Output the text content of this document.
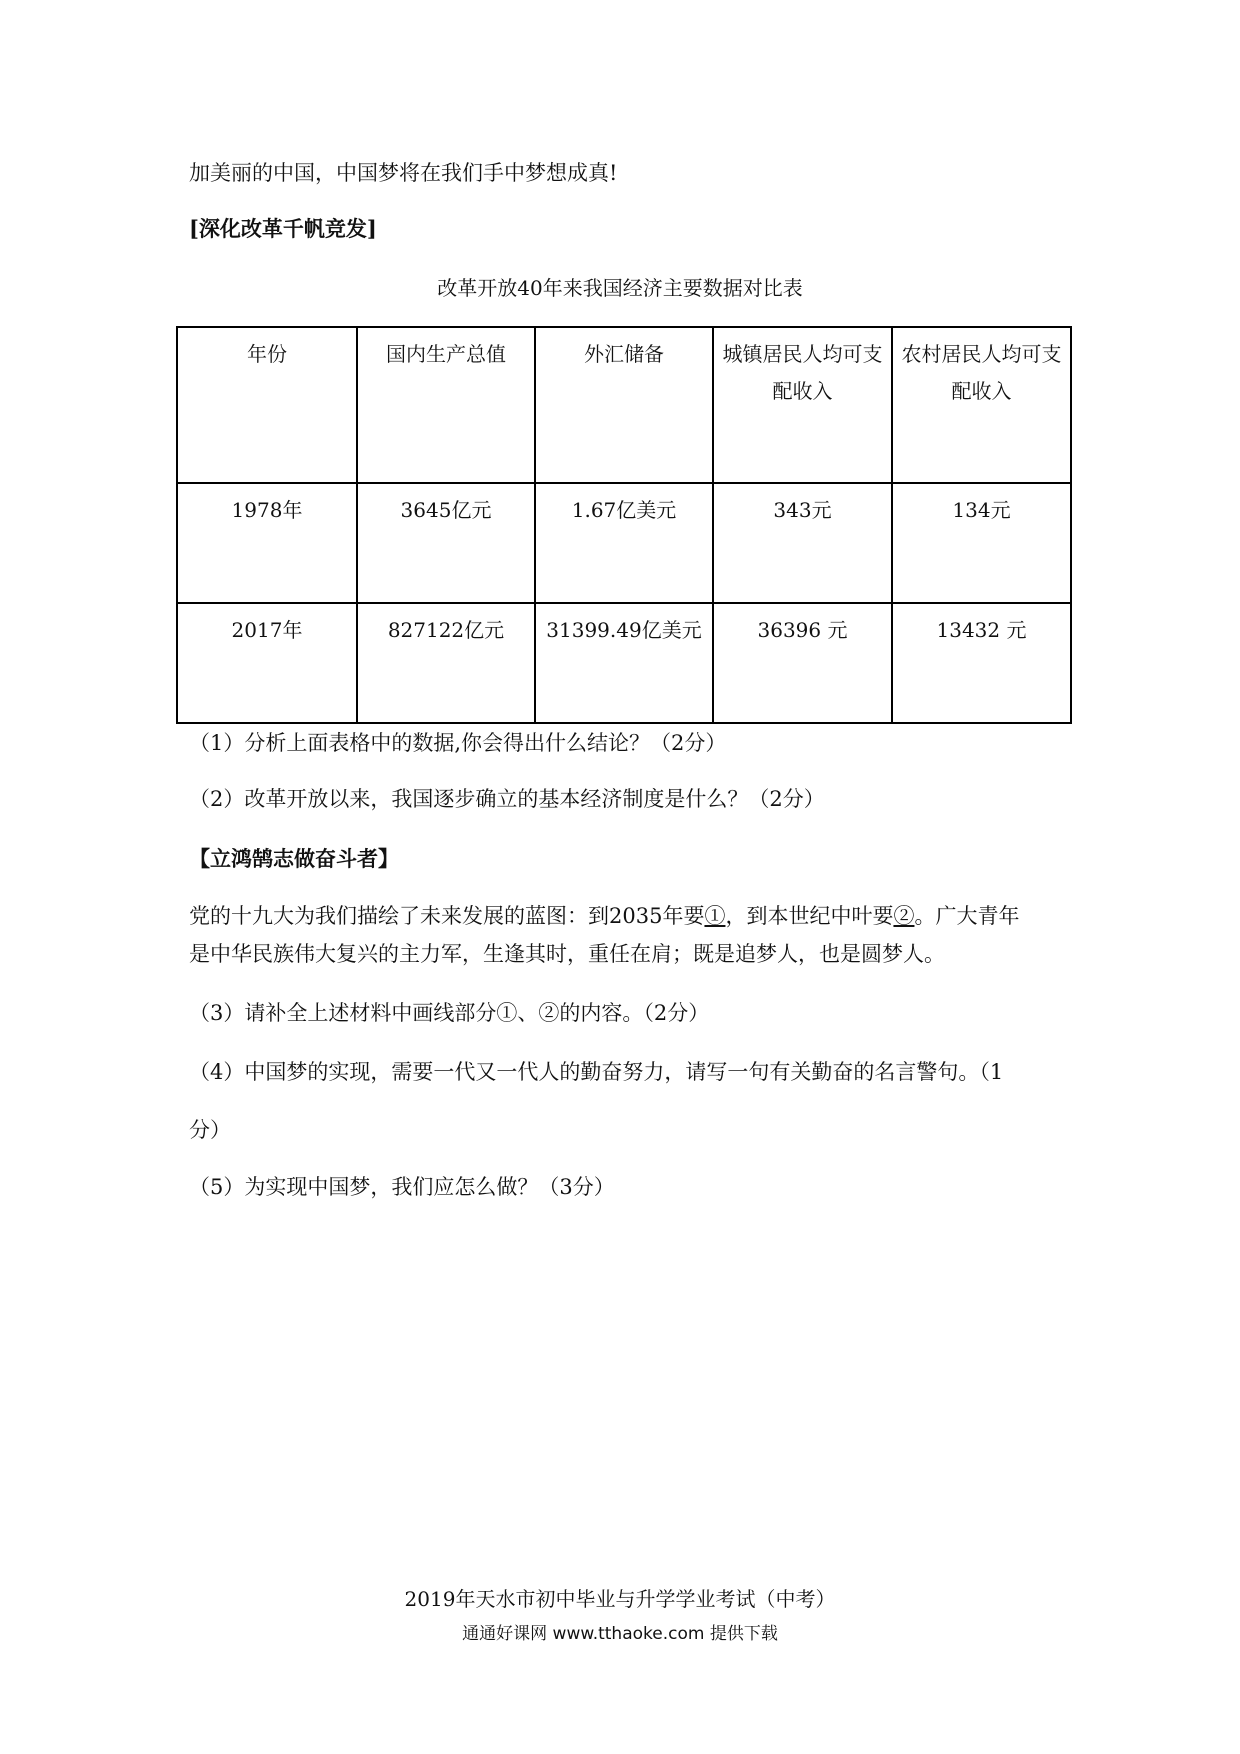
加美丽的中国，中国梦将在我们手中梦想成真!
[深化改革千帆竞发]
改革开放40年来我国经济主要数据对比表
年份	国内生产总值	外汇储备	城镇居民人均可支配收入	农村居民人均可支配收入
1978年	3645亿元	1.67亿美元	343元	134元
2017年	827122亿元	31399.49亿美元	36396 元	13432 元
（1）分析上面表格中的数据,你会得出什么结论？（2分）
（2）改革开放以来，我国逐步确立的基本经济制度是什么？（2分）
【立鸿鹄志做奋斗者】
党的十九大为我们描绘了未来发展的蓝图：到2035年要①，到本世纪中叶要②。广大青年
是中华民族伟大复兴的主力军，生逢其时，重任在肩；既是追梦人，也是圆梦人。
（3）请补全上述材料中画线部分①、②的内容。（2分）
（4）中国梦的实现，需要一代又一代人的勤奋努力，请写一句有关勤奋的名言警句。（1
分）
（5）为实现中国梦，我们应怎么做？（3分）
2019年天水市初中毕业与升学学业考试（中考）
通通好课网 www.tthaoke.com 提供下载
